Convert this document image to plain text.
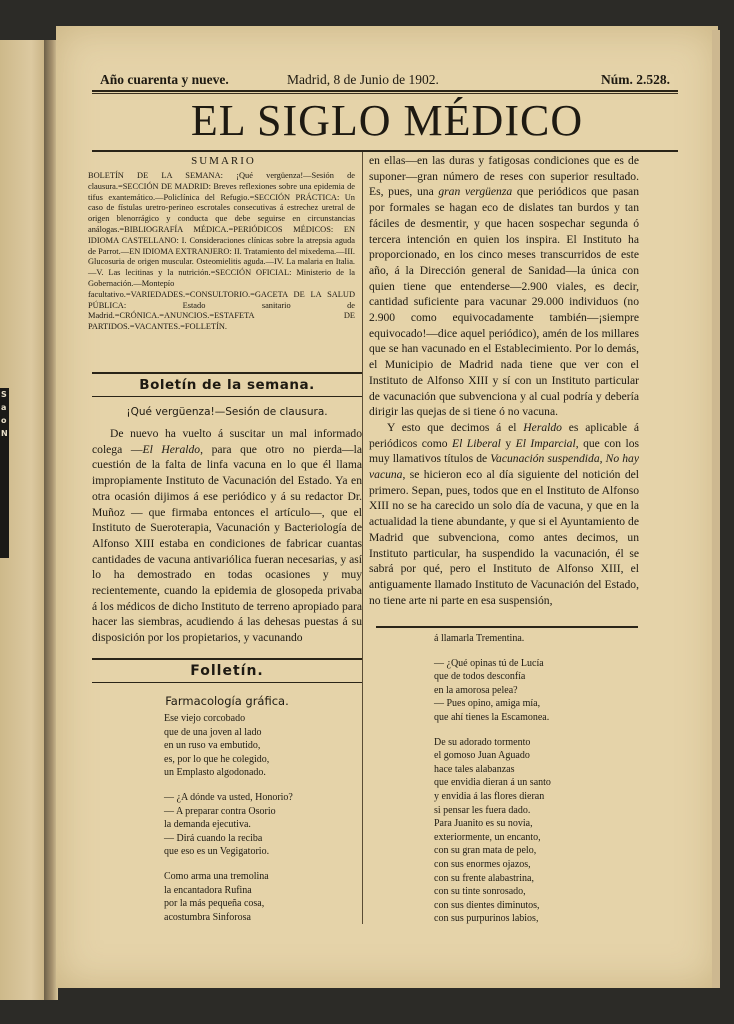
S
a
o
N
Año cuarenta y nueve.	Madrid, 8 de Junio de 1902.	Núm. 2.528.
EL SIGLO MÉDICO
SUMARIO
BOLETÍN DE LA SEMANA: ¡Qué vergüenza!—Sesión de clausura.=SECCIÓN DE MADRID: Breves reflexiones sobre una epidemia de tifus exantemático.—Policlínica del Refugio.=SECCIÓN PRÁCTICA: Un caso de fístulas uretro-perineo escrotales consecutivas á estrechez uretral de origen blenorrágico y conducta que debe seguirse en circunstancias análogas.=BIBLIOGRAFÍA MÉDICA.=PERIÓDICOS MÉDICOS: EN IDIOMA CASTELLANO: I. Consideraciones clínicas sobre la atrepsia aguda de Parrot.—EN IDIOMA EXTRANJERO: II. Tratamiento del mixedema.—III. Glucosuria de origen muscular. Osteomielitis aguda.—IV. La malaria en Italia.—V. Las lecitinas y la nutrición.=SECCIÓN OFICIAL: Ministerio de la Gobernación.—Montepío facultativo.=VARIEDADES.=CONSULTORIO.=GACETA DE LA SALUD PÚBLICA: Estado sanitario de Madrid.=CRÓNICA.=ANUNCIOS.=ESTAFETA DE PARTIDOS.=VACANTES.=FOLLETÍN.
Boletín de la semana.
¡Qué vergüenza!—Sesión de clausura.
De nuevo ha vuelto á suscitar un mal informado colega —El Heraldo, para que otro no pierda—la cuestión de la falta de linfa vacuna en lo que él llama impropiamente Instituto de Vacunación del Estado. Ya en otra ocasión dijimos á ese periódico y á su redactor Dr. Muñoz — que firmaba entonces el artículo—, que el Instituto de Sueroterapia, Vacunación y Bacteriología de Alfonso XIII estaba en condiciones de fabricar cuantas cantidades de vacuna antivariólica fueran necesarias, y así lo ha demostrado en todas ocasiones y muy recientemente, cuando la epidemia de glosopeda privaba á los médicos de dicho Instituto de terreno apropiado para hacer las siembras, acudiendo á las dehesas puestas á su disposición por los propietarios, y vacunando
Folletín.
Farmacología gráfica.
Ese viejo corcobado
que de una joven al lado
en un ruso va embutido,
es, por lo que he colegido,
un Emplasto algodonado.
— ¿A dónde va usted, Honorio?
— A preparar contra Osorio
la demanda ejecutiva.
— Dirá cuando la reciba
que eso es un Vegigatorio.
Como arma una tremolina
la encantadora Rufina
por la más pequeña cosa,
acostumbra Sinforosa
en ellas—en las duras y fatigosas condiciones que es de suponer—gran número de reses con superior resultado. Es, pues, una gran vergüenza que periódicos que pasan por formales se hagan eco de dislates tan burdos y tan fáciles de desmentir, y que hacen sospechar segunda ó tercera intención en quien los inspira. El Instituto ha proporcionado, en los cinco meses transcurridos de este año, á la Dirección general de Sanidad—la única con quien tiene que entenderse—2.900 viales, es decir, cantidad suficiente para vacunar 29.000 individuos (no 2.900 como equivocadamente también—¡siempre equivocado!—dice aquel periódico), amén de los millares que se han vacunado en el Establecimiento. Por lo demás, el Municipio de Madrid nada tiene que ver con el Instituto de Alfonso XIII y sí con un Instituto particular de vacunación que subvenciona y al cual podría y debería dirigir las quejas de si tiene ó no vacuna.
Y esto que decimos á el Heraldo es aplicable á periódicos como El Liberal y El Imparcial, que con los muy llamativos títulos de Vacunación suspendida, No hay vacuna, se hicieron eco al día siguiente del notición del primero. Sepan, pues, todos que en el Instituto de Alfonso XIII no se ha carecido un solo día de vacuna, y que en la actualidad la tiene abundante, y que si el Ayuntamiento de Madrid que subvenciona, como antes decimos, un Instituto particular, ha suspendido la vacunación, él se sabrá por qué, pero el Instituto de Alfonso XIII, el antiguamente llamado Instituto de Vacunación del Estado, no tiene arte ni parte en esa suspensión,
á llamarla Trementina.
— ¿Qué opinas tú de Lucía
que de todos desconfía
en la amorosa pelea?
— Pues opino, amiga mía,
que ahí tienes la Escamonea.
De su adorado tormento
el gomoso Juan Aguado
hace tales alabanzas
que envidia dieran á un santo
y envidia á las flores dieran
si pensar les fuera dado.
Para Juanito es su novia,
exteriormente, un encanto,
con su gran mata de pelo,
con sus enormes ojazos,
con su frente alabastrina,
con su tinte sonrosado,
con sus dientes diminutos,
con sus purpurinos labios,
